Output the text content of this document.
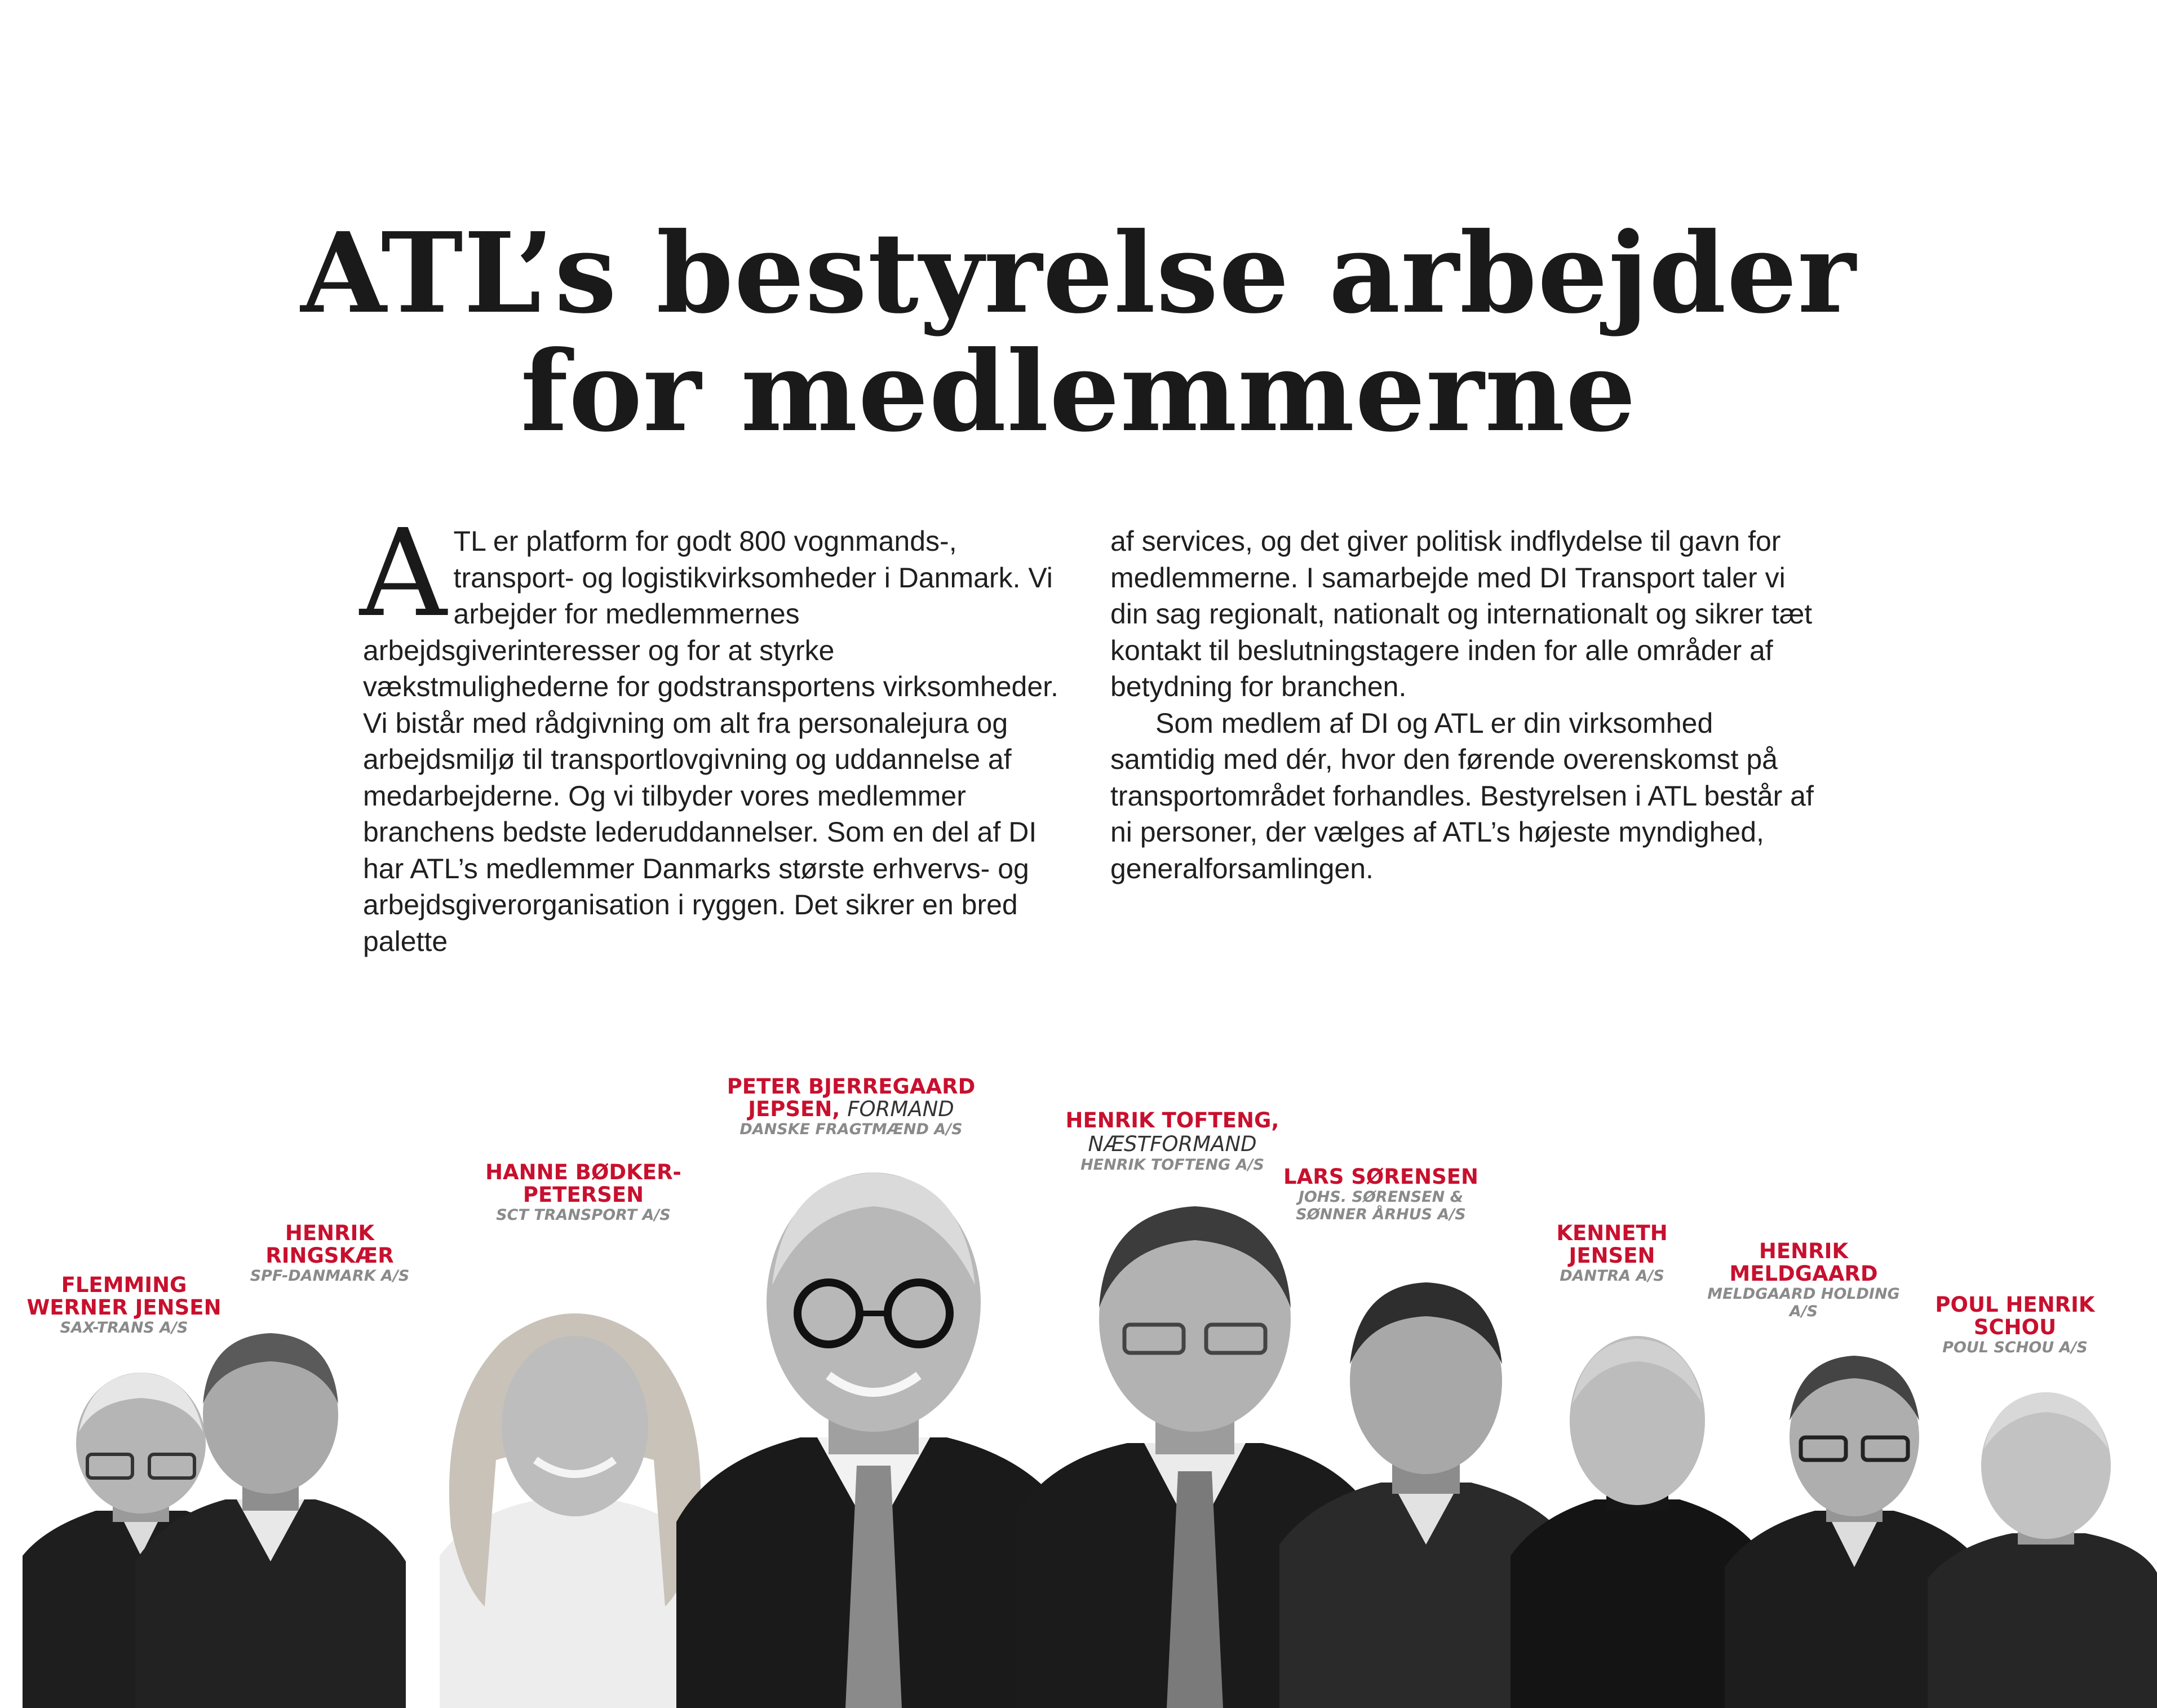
ATL’s bestyrelse arbejder
for medlemmerne
A TL er platform for godt 800 vognmands-, transport- og logistikvirksomheder i Danmark. Vi arbejder for medlemmernes arbejdsgiverinteresser og for at styrke vækstmulighederne for godstransportens virksomheder. Vi bistår med rådgivning om alt fra personalejura og arbejdsmiljø til transportlovgivning og uddannelse af medarbejderne. Og vi tilbyder vores medlemmer branchens bedste lederuddannelser. Som en del af DI har ATL’s medlemmer Danmarks største erhvervs- og arbejdsgiverorganisation i ryggen. Det sikrer en bred palette

af services, og det giver politisk indflydelse til gavn for medlemmerne. I samarbejde med DI Transport taler vi din sag regionalt, nationalt og internationalt og sikrer tæt kontakt til beslutningstagere inden for alle områder af betydning for branchen.

Som medlem af DI og ATL er din virksomhed samtidig med dér, hvor den førende overenskomst på transportområdet forhandles. Bestyrelsen i ATL består af ni personer, der vælges af ATL’s højeste myndighed, generalforsamlingen.

FLEMMING WERNER JENSEN
SAX-TRANS A/S
HENRIK RINGSKÆR
SPF-DANMARK A/S
HANNE BØDKER-PETERSEN
SCT TRANSPORT A/S
PETER BJERREGAARD JEPSEN, FORMAND
DANSKE FRAGTMÆND A/S	HENRIK TOFTENG,
NÆSTFORMAND
HENRIK TOFTENG A/S LARS SØRENSEN
JOHS. SØRENSEN & SØNNER ÅRHUS A/S
KENNETH JENSEN
DANTRA A/S
HENRIK MELDGAARD
MELDGAARD HOLDING A/S	POUL HENRIK SCHOU
POUL SCHOU A/S
